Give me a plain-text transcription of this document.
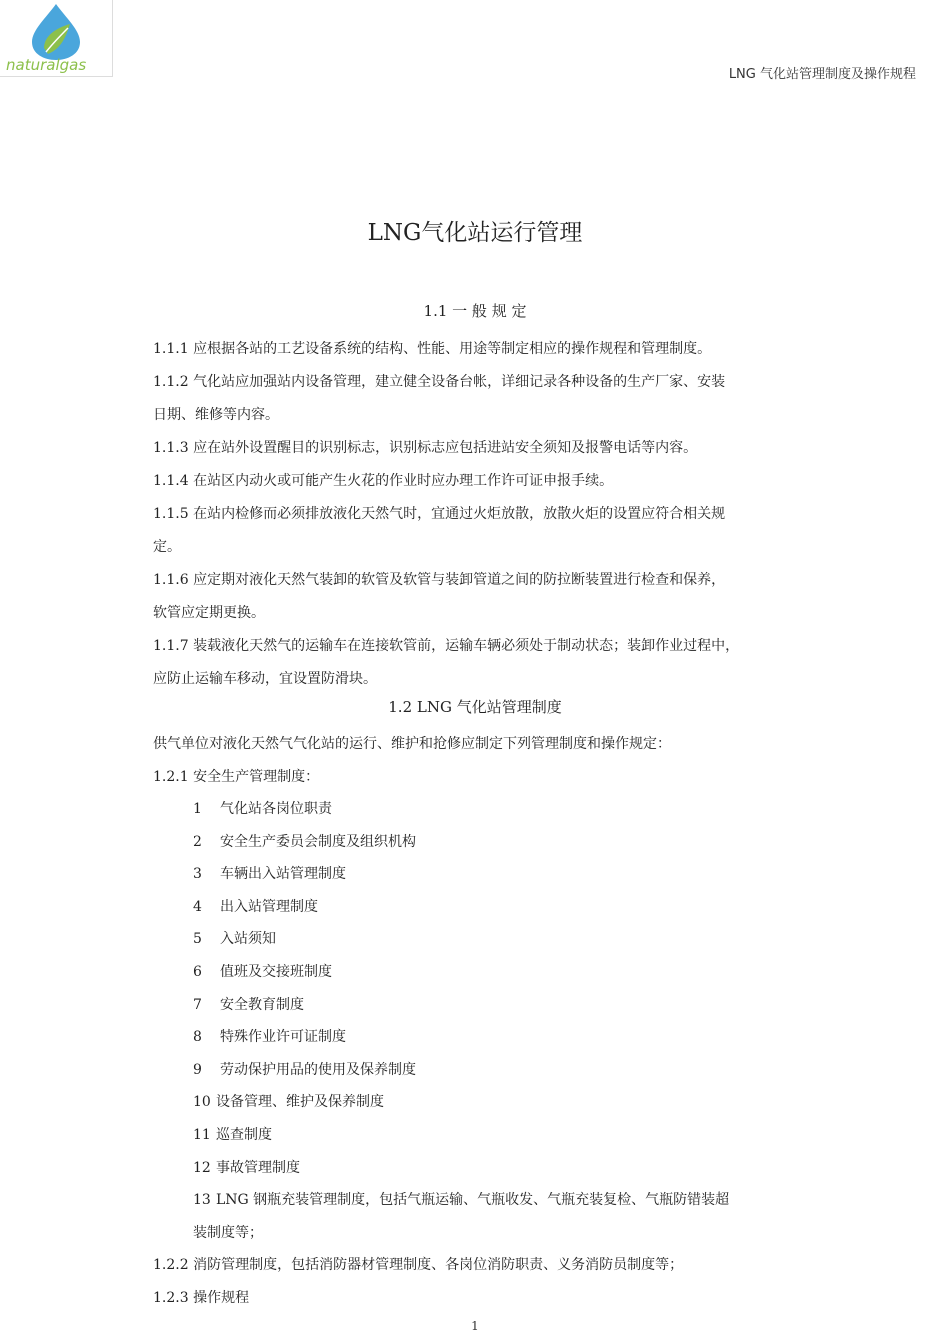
naturalgas
LNG 气化站管理制度及操作规程
LNG气化站运行管理
1.1 一 般 规 定
1.1.1 应根据各站的工艺设备系统的结构、性能、用途等制定相应的操作规程和管理制度。
1.1.2 气化站应加强站内设备管理，建立健全设备台帐，详细记录各种设备的生产厂家、安装
日期、维修等内容。
1.1.3 应在站外设置醒目的识别标志，识别标志应包括进站安全须知及报警电话等内容。
1.1.4 在站区内动火或可能产生火花的作业时应办理工作许可证申报手续。
1.1.5 在站内检修而必须排放液化天然气时，宜通过火炬放散，放散火炬的设置应符合相关规
定。
1.1.6 应定期对液化天然气装卸的软管及软管与装卸管道之间的防拉断装置进行检查和保养，
软管应定期更换。
1.1.7 装载液化天然气的运输车在连接软管前，运输车辆必须处于制动状态；装卸作业过程中，
应防止运输车移动，宜设置防滑块。
1.2 LNG 气化站管理制度
供气单位对液化天然气气化站的运行、维护和抢修应制定下列管理制度和操作规定：
1.2.1 安全生产管理制度：
1 气化站各岗位职责
2 安全生产委员会制度及组织机构
3 车辆出入站管理制度
4 出入站管理制度
5 入站须知
6 值班及交接班制度
7 安全教育制度
8 特殊作业许可证制度
9 劳动保护用品的使用及保养制度
10 设备管理、维护及保养制度
11 巡查制度
12 事故管理制度
13 LNG 钢瓶充装管理制度，包括气瓶运输、气瓶收发、气瓶充装复检、气瓶防错装超
装制度等；
1.2.2 消防管理制度，包括消防器材管理制度、各岗位消防职责、义务消防员制度等；
1.2.3 操作规程
1
